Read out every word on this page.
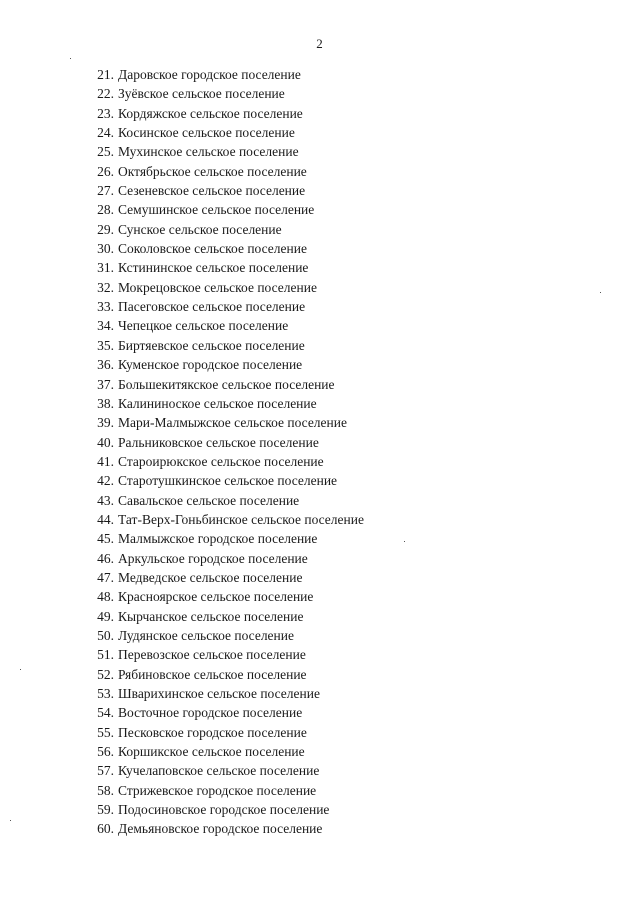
2
21. Даровское городское поселение
22. Зуёвское сельское поселение
23. Кордяжское сельское поселение
24. Косинское сельское поселение
25. Мухинское сельское поселение
26. Октябрьское сельское поселение
27. Сезеневское сельское поселение
28. Семушинское сельское поселение
29. Сунское сельское поселение
30. Соколовское сельское поселение
31. Кстининское сельское поселение
32. Мокрецовское сельское поселение
33. Пасеговское сельское поселение
34. Чепецкое сельское поселение
35. Биртяевское сельское поселение
36. Куменское городское поселение
37. Большекитякское сельское поселение
38. Калининоское сельское поселение
39. Мари-Малмыжское сельское поселение
40. Ральниковское сельское поселение
41. Староирюкское сельское поселение
42. Старотушкинское сельское поселение
43. Савальское сельское поселение
44. Тат-Верх-Гоньбинское сельское поселение
45. Малмыжское городское поселение
46. Аркульское городское поселение
47. Медведское сельское поселение
48. Красноярское сельское поселение
49. Кырчанское сельское поселение
50. Лудянское сельское поселение
51. Перевозское сельское поселение
52. Рябиновское сельское поселение
53. Шварихинское сельское поселение
54. Восточное городское поселение
55. Песковское городское поселение
56. Коршикское сельское поселение
57. Кучелаповское сельское поселение
58. Стрижевское городское поселение
59. Подосиновское городское поселение
60. Демьяновское городское поселение
